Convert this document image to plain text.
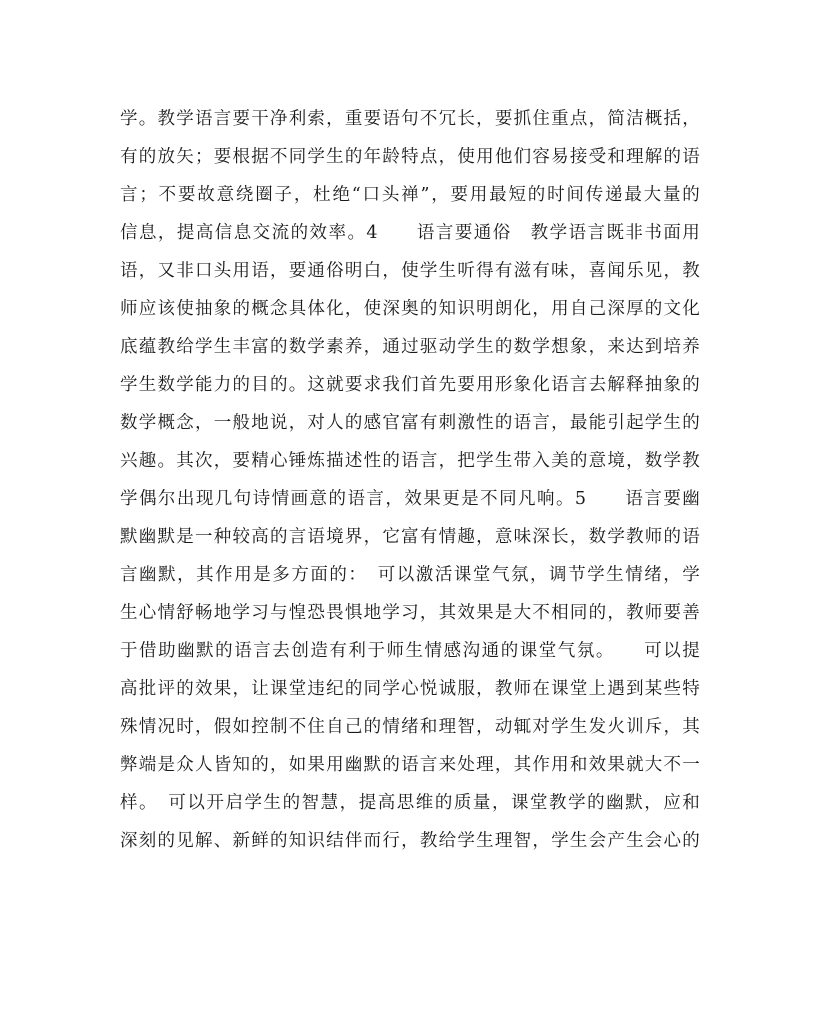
学。教学语言要干净利索，重要语句不冗长，要抓住重点，简洁概括，
有的放矢；要根据不同学生的年龄特点，使用他们容易接受和理解的语
言；不要故意绕圈子，杜绝“口头禅”，要用最短的时间传递最大量的
信息，提高信息交流的效率。4　　语言要通俗　教学语言既非书面用
语，又非口头用语，要通俗明白，使学生听得有滋有味，喜闻乐见，教
师应该使抽象的概念具体化，使深奥的知识明朗化，用自己深厚的文化
底蕴教给学生丰富的数学素养，通过驱动学生的数学想象，来达到培养
学生数学能力的目的。这就要求我们首先要用形象化语言去解释抽象的
数学概念，一般地说，对人的感官富有刺激性的语言，最能引起学生的
兴趣。其次，要精心锤炼描述性的语言，把学生带入美的意境，数学教
学偶尔出现几句诗情画意的语言，效果更是不同凡响。5　　语言要幽
默幽默是一种较高的言语境界，它富有情趣，意味深长，数学教师的语
言幽默，其作用是多方面的：　可以激活课堂气氛，调节学生情绪，学
生心情舒畅地学习与惶恐畏惧地学习，其效果是大不相同的，教师要善
于借助幽默的语言去创造有利于师生情感沟通的课堂气氛。　　可以提
高批评的效果，让课堂违纪的同学心悦诚服，教师在课堂上遇到某些特
殊情况时，假如控制不住自己的情绪和理智，动辄对学生发火训斥，其
弊端是众人皆知的，如果用幽默的语言来处理，其作用和效果就大不一
样。　可以开启学生的智慧，提高思维的质量，课堂教学的幽默，应和
深刻的见解、新鲜的知识结伴而行，教给学生理智，学生会产生会心的
